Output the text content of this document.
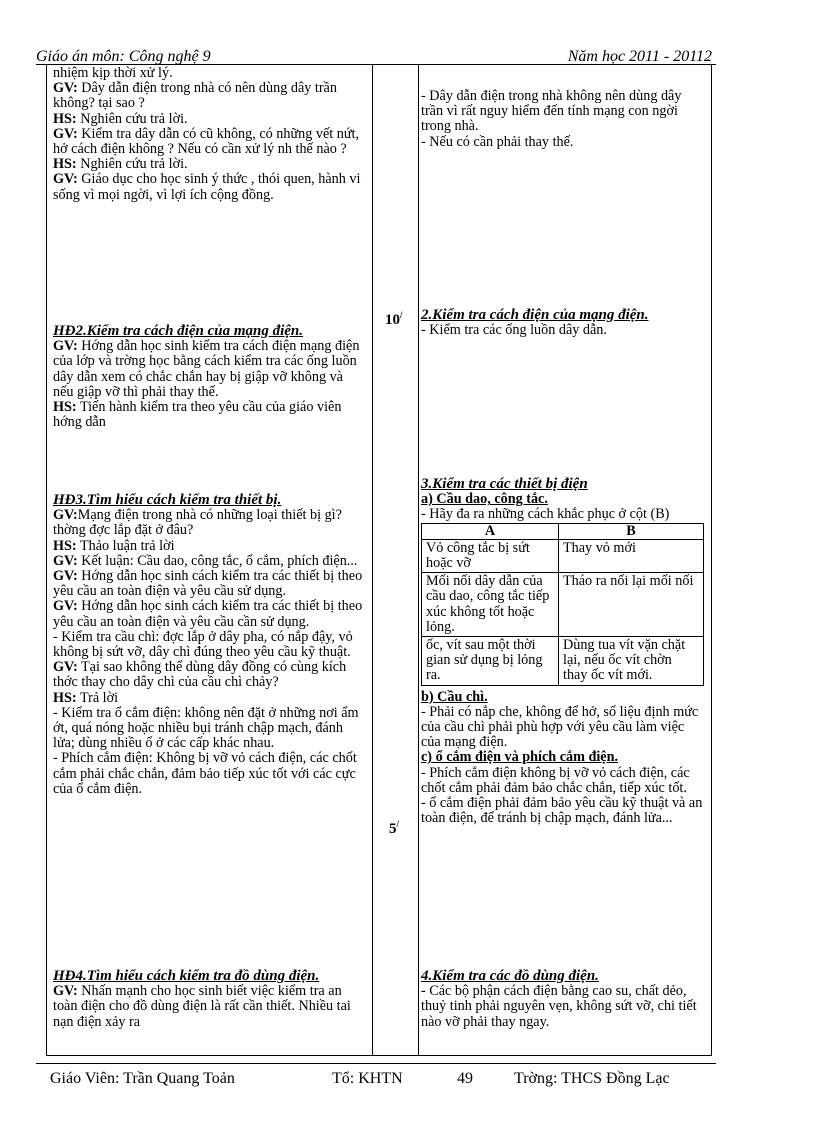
Giáo án môn: Công nghệ 9	Năm học 2011 - 20112

nhiệm kịp thời xử lý.

GV: Dây dẫn điện trong nhà có nên dùng dây trần không? tại sao ?

HS: Nghiên cứu trả lời.

GV: Kiểm tra dây dẫn có cũ không, có những vết nứt, hở cách điện không ? Nếu có cần xử lý nh thế nào ?

HS: Nghiên cứu trả lời.

GV: Giáo dục cho học sinh ý thức , thói quen, hành vi sống vì mọi ngời, vì lợi ích cộng đồng.

HĐ2.Kiểm tra cách điện của mạng điện.

GV: Hớng dẫn học sinh kiểm tra cách điện mạng điện của lớp và trờng học bằng cách kiểm tra các ống luồn dây dẫn xem có chắc chắn hay bị giập vỡ không và nếu giập vỡ thì phải thay thế.

HS: Tiến hành kiểm tra theo yêu cầu của giáo viên hớng dẫn

HĐ3.Tìm hiểu cách kiểm tra thiết bị.

GV:Mạng điện trong nhà có những loại thiết bị gì? thờng đợc lắp đặt ở đâu?

HS: Thảo luận trả lời

GV: Kết luận: Cầu dao, công tắc, ổ cắm, phích điện...

GV: Hớng dẫn học sinh cách kiểm tra các thiết bị theo yêu cầu an toàn điện và yêu cầu sử dụng.

GV: Hớng dẫn học sinh cách kiểm tra các thiết bị theo yêu cầu an toàn điện và yêu cầu cần sử dụng.

- Kiểm tra cầu chì: đợc lắp ở dây pha, có nắp đậy, vỏ không bị sứt vỡ, dây chì đúng theo yêu cầu kỹ thuật.

GV: Tại sao không thể dùng dây đồng có cùng kích thớc thay cho dây chì của cầu chì chảy?

HS: Trả lời

- Kiểm tra ổ cắm điện: không nên đặt ở những nơi ẩm ớt, quá nóng hoặc nhiều bụi tránh chập mạch, đánh lửa; dùng nhiều ổ ở các cấp khác nhau.

- Phích cắm điện: Không bị vỡ vỏ cách điện, các chốt cắm phải chắc chắn, đảm bảo tiếp xúc tốt với các cực của ổ cắm điện.

HĐ4.Tìm hiểu cách kiểm tra đồ dùng điện.

GV: Nhấn mạnh cho học sinh biết việc kiểm tra an toàn điện cho đồ dùng điện là rất cần thiết. Nhiều tai nạn điện xảy ra

10/
5/

- Dây dẫn điện trong nhà không nên dùng dây trần vì rất nguy hiểm đến tính mạng con ngời trong nhà.

- Nếu có cần phải thay thế.

2.Kiểm tra cách điện của mạng điện.

- Kiểm tra các ống luồn dây dẫn.

3.Kiểm tra các thiết bị điện

a) Cầu dao, công tắc.

- Hãy đa ra những cách khắc phục ở cột (B)

A	B
Vỏ công tắc bị sứt hoặc vỡ	Thay vỏ mới
Mối nối dây dẫn của cầu dao, công tắc tiếp xúc không tốt hoặc lỏng.	Tháo ra nối lại mối nối
ốc, vít sau một thời gian sử dụng bị lỏng ra.	Dùng tua vít vặn chặt lại, nếu ốc vít chờn thay ốc vít mới.

b) Cầu chì.

- Phải có nắp che, không để hở, số liệu định mức của cầu chì phải phù hợp với yêu cầu làm việc của mạng điện.

c) ổ cắm điện và phích cắm điện.

- Phích cắm điện không bị vỡ vỏ cách điện, các chốt cắm phải đảm bảo chắc chắn, tiếp xúc tốt.

- ổ cắm điện phải đảm bảo yêu cầu kỹ thuật và an toàn điện, để tránh bị chập mạch, đánh lửa...

4.Kiểm tra các đồ dùng điện.

- Các bộ phận cách điện bằng cao su, chất dẻo, thuỷ tinh phải nguyên vẹn, không sứt vỡ, chi tiết nào vỡ phải thay ngay.

Giáo Viên: Trần Quang Toản	Tổ: KHTN	49	Trờng: THCS Đồng Lạc
